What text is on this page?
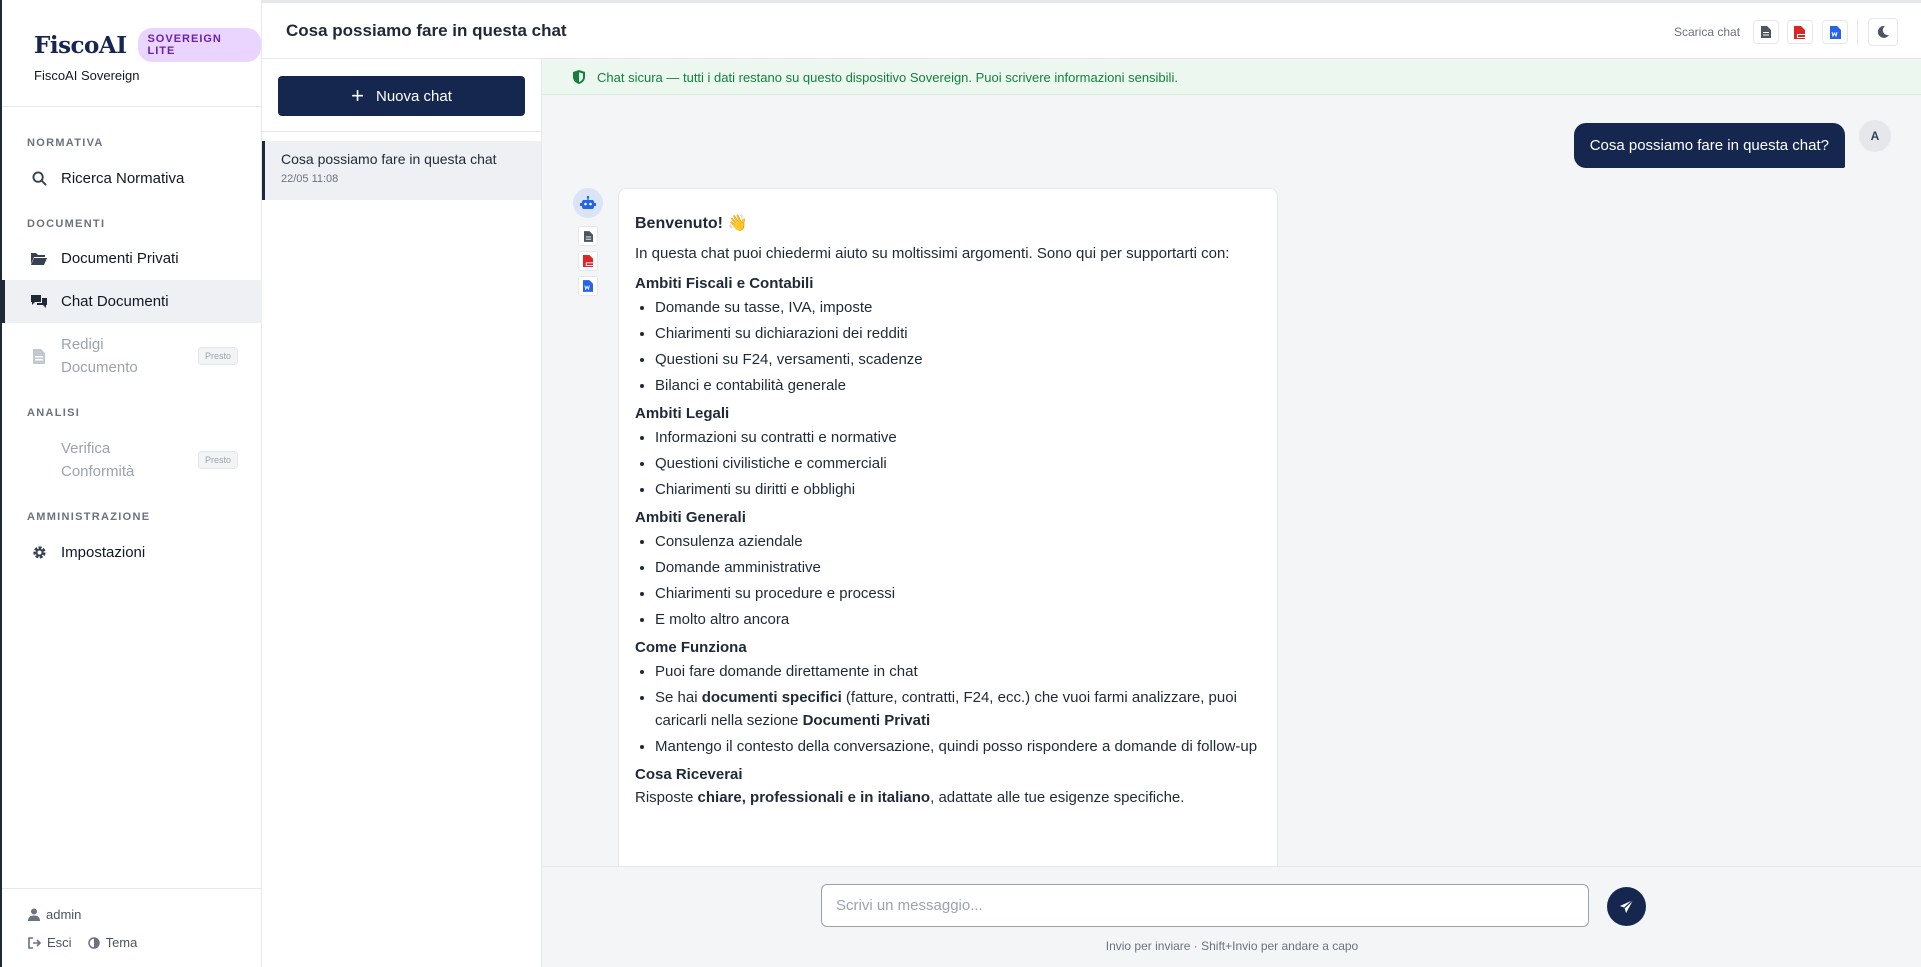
FiscoAI	SOVEREIGN LITE
FiscoAI Sovereign
NORMATIVA
Ricerca Normativa
DOCUMENTI
Documenti Privati
Chat Documenti
Redigi Documento
Presto
ANALISI
Verifica Conformità
Presto
AMMINISTRAZIONE
Impostazioni
admin
Esci	Tema
Cosa possiamo fare in questa chat	Scarica chat
+ Nuova chat
Cosa possiamo fare in questa chat
22/05 11:08
Chat sicura — tutti i dati restano su questo dispositivo Sovereign. Puoi scrivere informazioni sensibili.
Cosa possiamo fare in questa chat?
A
Benvenuto! 👋

In questa chat puoi chiedermi aiuto su moltissimi argomenti. Sono qui per supportarti con:

Ambiti Fiscali e Contabili
• Domande su tasse, IVA, imposte
• Chiarimenti su dichiarazioni dei redditi
• Questioni su F24, versamenti, scadenze
• Bilanci e contabilità generale
Ambiti Legali
• Informazioni su contratti e normative
• Questioni civilistiche e commerciali
• Chiarimenti su diritti e obblighi
Ambiti Generali
• Consulenza aziendale
• Domande amministrative
• Chiarimenti su procedure e processi
• E molto altro ancora
Come Funziona
• Puoi fare domande direttamente in chat
• Se hai documenti specifici (fatture, contratti, F24, ecc.) che vuoi farmi analizzare, puoi caricarli nella sezione Documenti Privati
• Mantengo il contesto della conversazione, quindi posso rispondere a domande di follow-up
Cosa Riceverai

Risposte chiare, professionali e in italiano, adattate alle tue esigenze specifiche.

Scrivi un messaggio...
Invio per inviare · Shift+Invio per andare a capo
